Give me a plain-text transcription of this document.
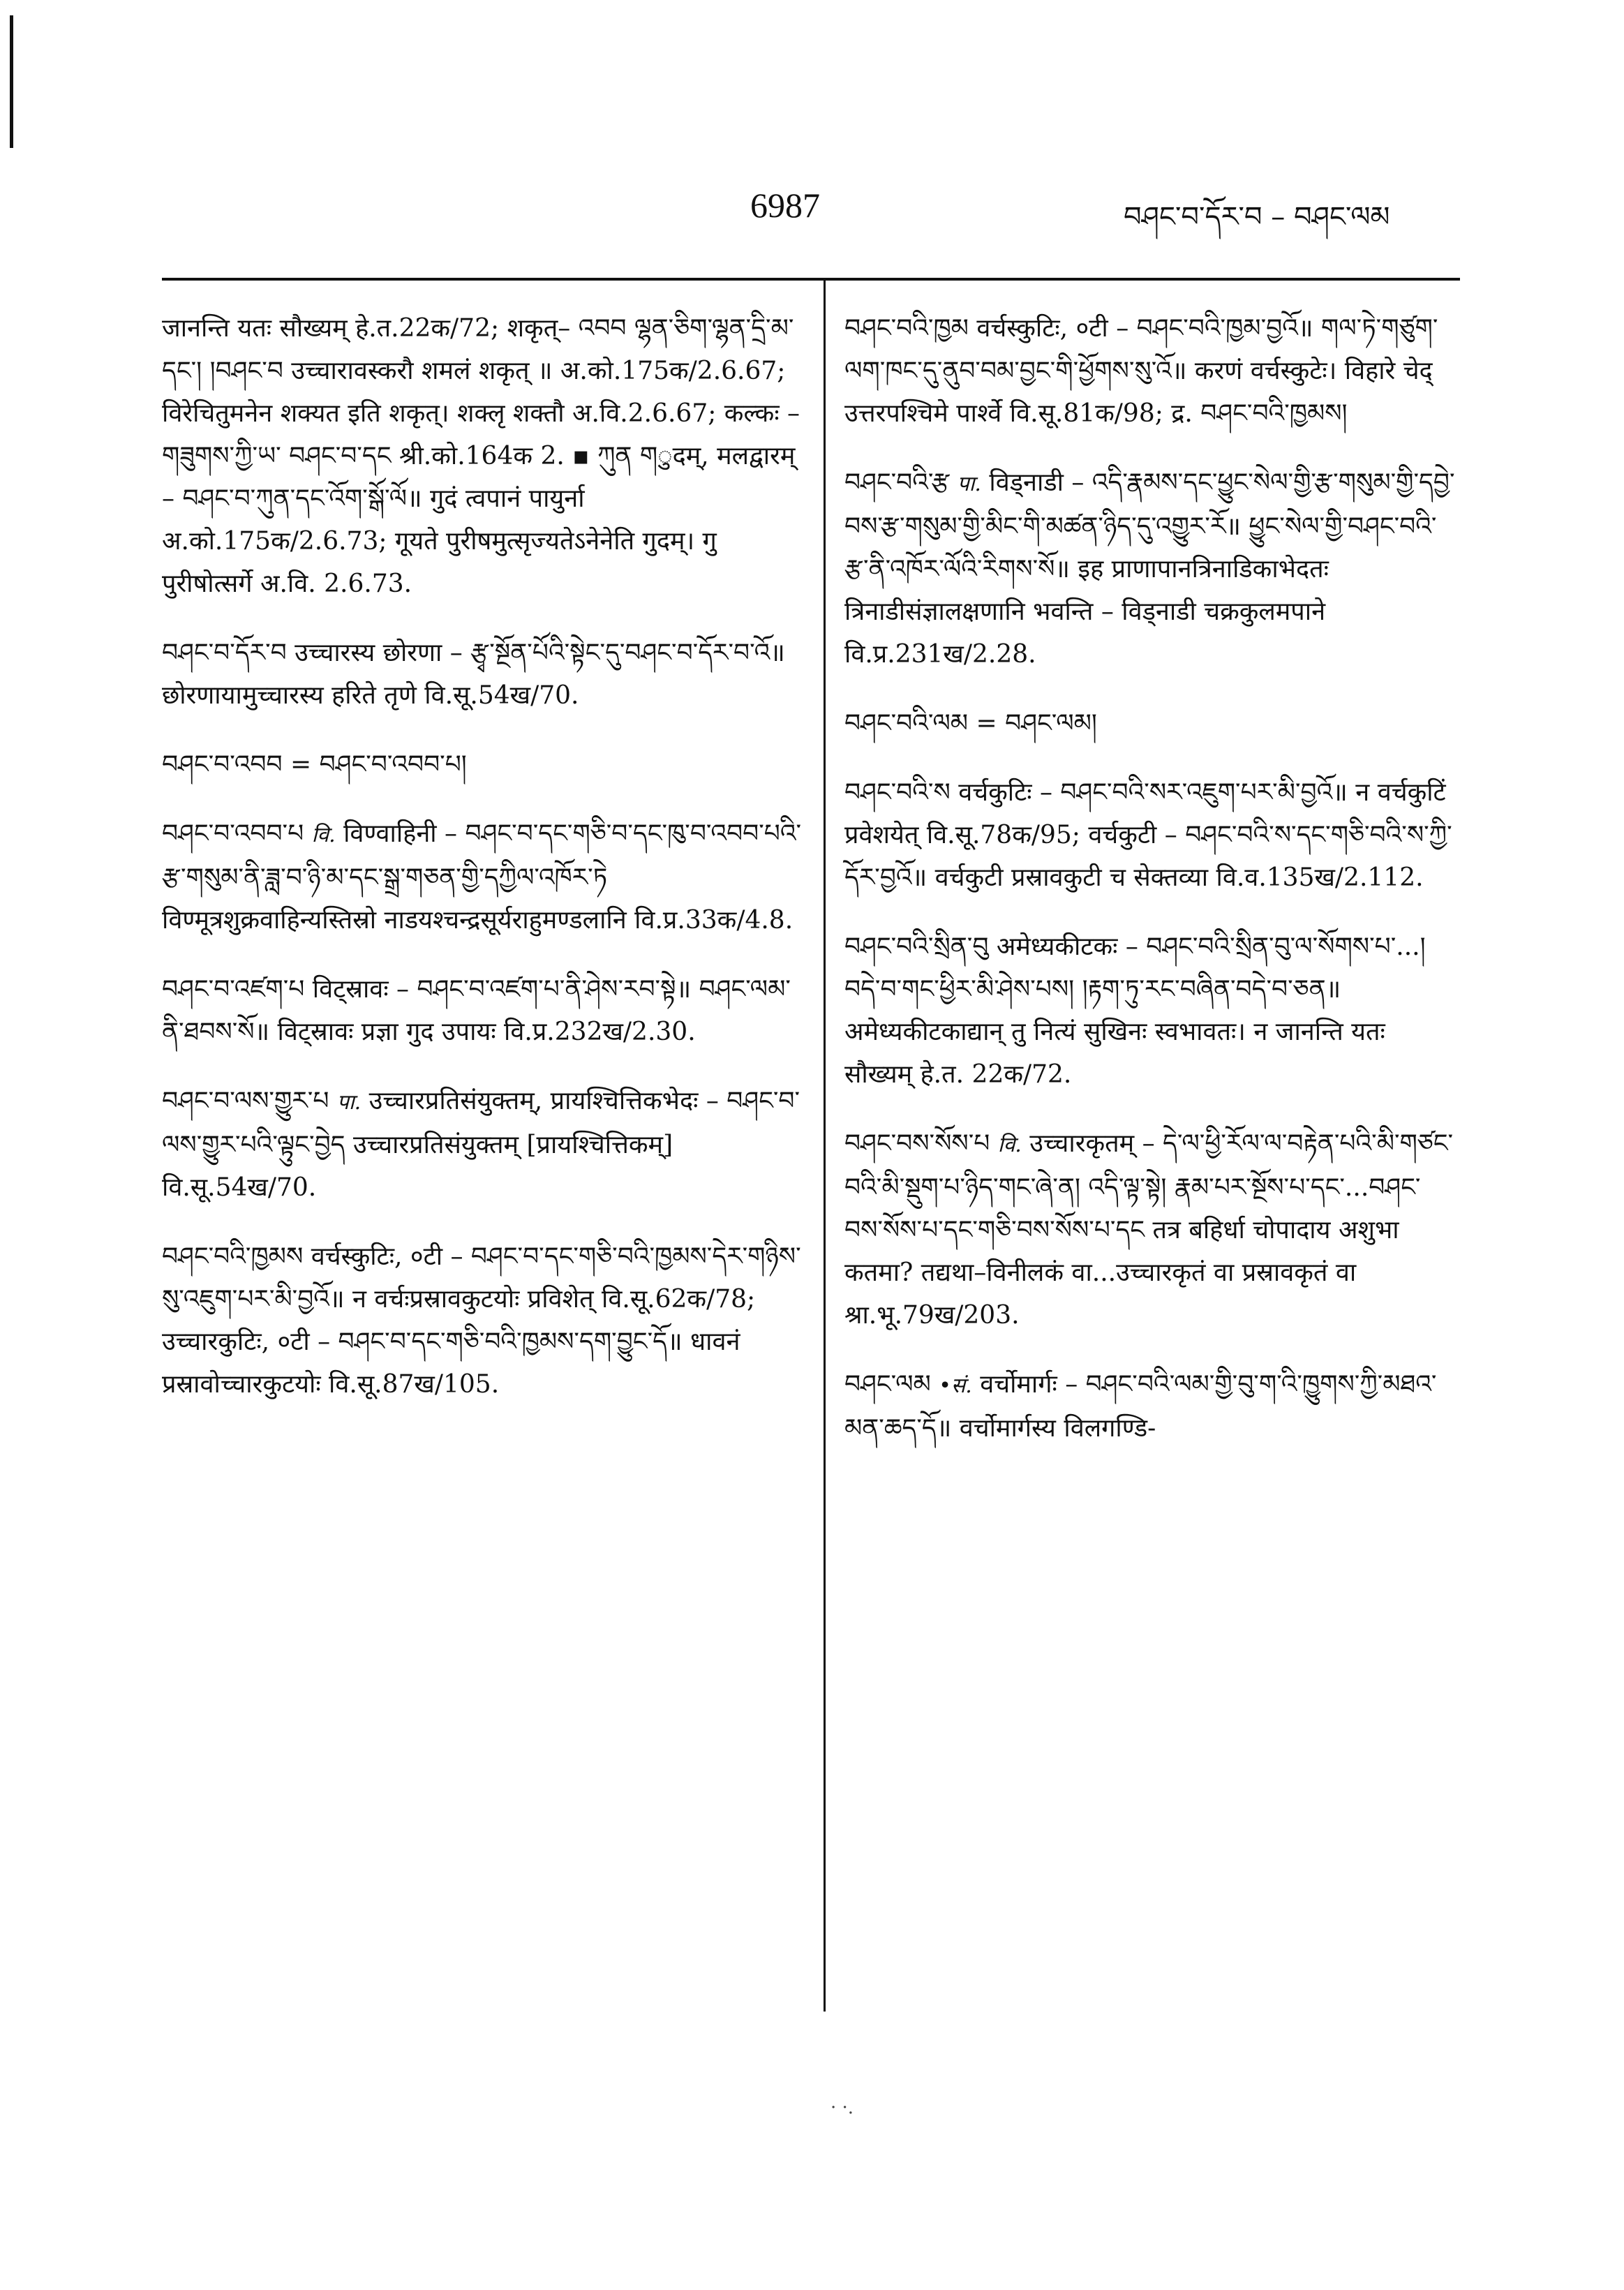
6987	བཤང་བ་དོར་བ – བཤང་ལམ
जानन्ति यतः सौख्यम् हे.त.22क/72; शकृत्– འབབ ལྷན་ཅིག་ལྷན་དྲི་མ་དང་། །བཤང་བ उच्चारावस्करौ शमलं शकृत् ॥ अ.को.175क/2.6.67; विरेचितुमनेन शक्यत इति शकृत्। शक्लृ शक्तौ अ.वि.2.6.67; कल्कः – གཟུགས་ཀྱི་ཡ་ བཤང་བ་དང श्री.को.164क 2. ▪ ཀུན གुदम्, मलद्वारम् – བཤང་བ་ཀུན་དང་འོག་སྒོ་ལོ॥ गुदं त्वपानं पायुर्ना अ.को.175क/2.6.73; गूयते पुरीषमुत्सृज्यतेऽनेनेति गुदम्। गु पुरीषोत्सर्गे अ.वि. 2.6.73.
བཤང་བ་དོར་བ उच्चारस्य छोरणा – རྩྭ་སྔོན་པོའི་སྟེང་དུ་བཤང་བ་དོར་བ་འོ॥ छोरणायामुच्चारस्य हरिते तृणे वि.सू.54ख/70.
བཤང་བ་འབབ = བཤང་བ་འབབ་པ།
བཤང་བ་འབབ་པ वि. विण्वाहिनी – བཤང་བ་དང་གཅི་བ་དང་ཁུ་བ་འབབ་པའི་རྩ་གསུམ་ནི་ཟླ་བ་ཉི་མ་དང་སྒྲ་གཅན་གྱི་དཀྱིལ་འཁོར་ཏེ विण्मूत्रशुक्रवाहिन्यस्तिस्रो नाडयश्चन्द्रसूर्यराहुमण्डलानि वि.प्र.33क/4.8.
བཤང་བ་འཛག་པ विट्स्रावः – བཤང་བ་འཛག་པ་ནི་ཤེས་རབ་སྟེ॥ བཤང་ལམ་ནི་ཐབས་སོ॥ विट्स्रावः प्रज्ञा गुद उपायः वि.प्र.232ख/2.30.
བཤང་བ་ལས་གྱུར་པ पा. उच्चारप्रतिसंयुक्तम्, प्रायश्चित्तिकभेदः – བཤང་བ་ལས་གྱུར་པའི་ལྟུང་བྱེད उच्चारप्रतिसंयुक्तम् [प्रायश्चित्तिकम्] वि.सू.54ख/70.
བཤང་བའི་ཁྱམས वर्चस्कुटिः, ०टी – བཤང་བ་དང་གཅི་བའི་ཁྱམས་དེར་གཉིས་སུ་འཇུག་པར་མི་བྱའོ॥ न वर्चःप्रस्रावकुटयोः प्रविशेत् वि.सू.62क/78; उच्चारकुटिः, ०टी – བཤང་བ་དང་གཅི་བའི་ཁྱམས་དག་བྱུང་དོ॥ धावनं प्रस्रावोच्चारकुटयोः वि.सू.87ख/105.
བཤང་བའི་ཁྱམ वर्चस्कुटिः, ०टी – བཤང་བའི་ཁྱམ་བྱའོ॥ གལ་ཏེ་གཙུག་ལག་ཁང་དུ་ནུབ་བམ་བྱང་གི་ཕྱོགས་སུ་འོ॥ करणं वर्चस्कुटेः। विहारे चेद् उत्तरपश्चिमे पार्श्वे वि.सू.81क/98; द्र. བཤང་བའི་ཁྱམས།
བཤང་བའི་རྩ पा. विड्नाडी – འདི་རྣམས་དང་ཕྱུང་སེལ་གྱི་རྩ་གསུམ་གྱི་དབྱེ་བས་རྩ་གསུམ་གྱི་མིང་གི་མཚན་ཉིད་དུ་འགྱུར་རོ॥ ཕྱུང་སེལ་གྱི་བཤང་བའི་རྩ་ནི་འཁོར་ལོའི་རིགས་སོ॥ इह प्राणापानत्रिनाडिकाभेदतः त्रिनाडीसंज्ञालक्षणानि भवन्ति – विड्नाडी चक्रकुलमपाने वि.प्र.231ख/2.28.
བཤང་བའི་ལམ = བཤང་ལམ།
བཤང་བའི་ས वर्चकुटिः – བཤང་བའི་སར་འཇུག་པར་མི་བྱའོ॥ न वर्चकुटिं प्रवेशयेत् वि.सू.78क/95; वर्चकुटी – བཤང་བའི་ས་དང་གཅི་བའི་ས་ཀྱི་དོར་བྱའོ॥ वर्चकुटी प्रस्रावकुटी च सेक्तव्या वि.व.135ख/2.112.
བཤང་བའི་སྲིན་བུ अमेध्यकीटकः – བཤང་བའི་སྲིན་བུ་ལ་སོགས་པ་...།བདེ་བ་གང་ཕྱིར་མི་ཤེས་པས། །རྟག་ཏུ་རང་བཞིན་བདེ་བ་ཅན॥ अमेध्यकीटकाद्यान् तु नित्यं सुखिनः स्वभावतः। न जानन्ति यतः सौख्यम् हे.त. 22क/72.
བཤང་བས་སོས་པ वि. उच्चारकृतम् – དེ་ལ་ཕྱི་རོལ་ལ་བརྟེན་པའི་མི་གཙང་བའི་མི་སྡུག་པ་ཉིད་གང་ཞེ་ན། འདི་ལྟ་སྟེ། རྣམ་པར་སྔོས་པ་དང་...བཤང་བས་སོས་པ་དང་གཅི་བས་སོས་པ་དང तत्र बहिर्धा चोपादाय अशुभा कतमा? तद्यथा–विनीलकं वा...उच्चारकृतं वा प्रस्रावकृतं वा श्रा.भू.79ख/203.
བཤང་ལམ •सं. वर्चोमार्गः – བཤང་བའི་ལམ་གྱི་བུ་ག་འི་ཁྱུགས་ཀྱི་མཐའ་མན་ཆད་དོ॥ वर्चोमार्गस्य विलगण्डि-
· ·.
